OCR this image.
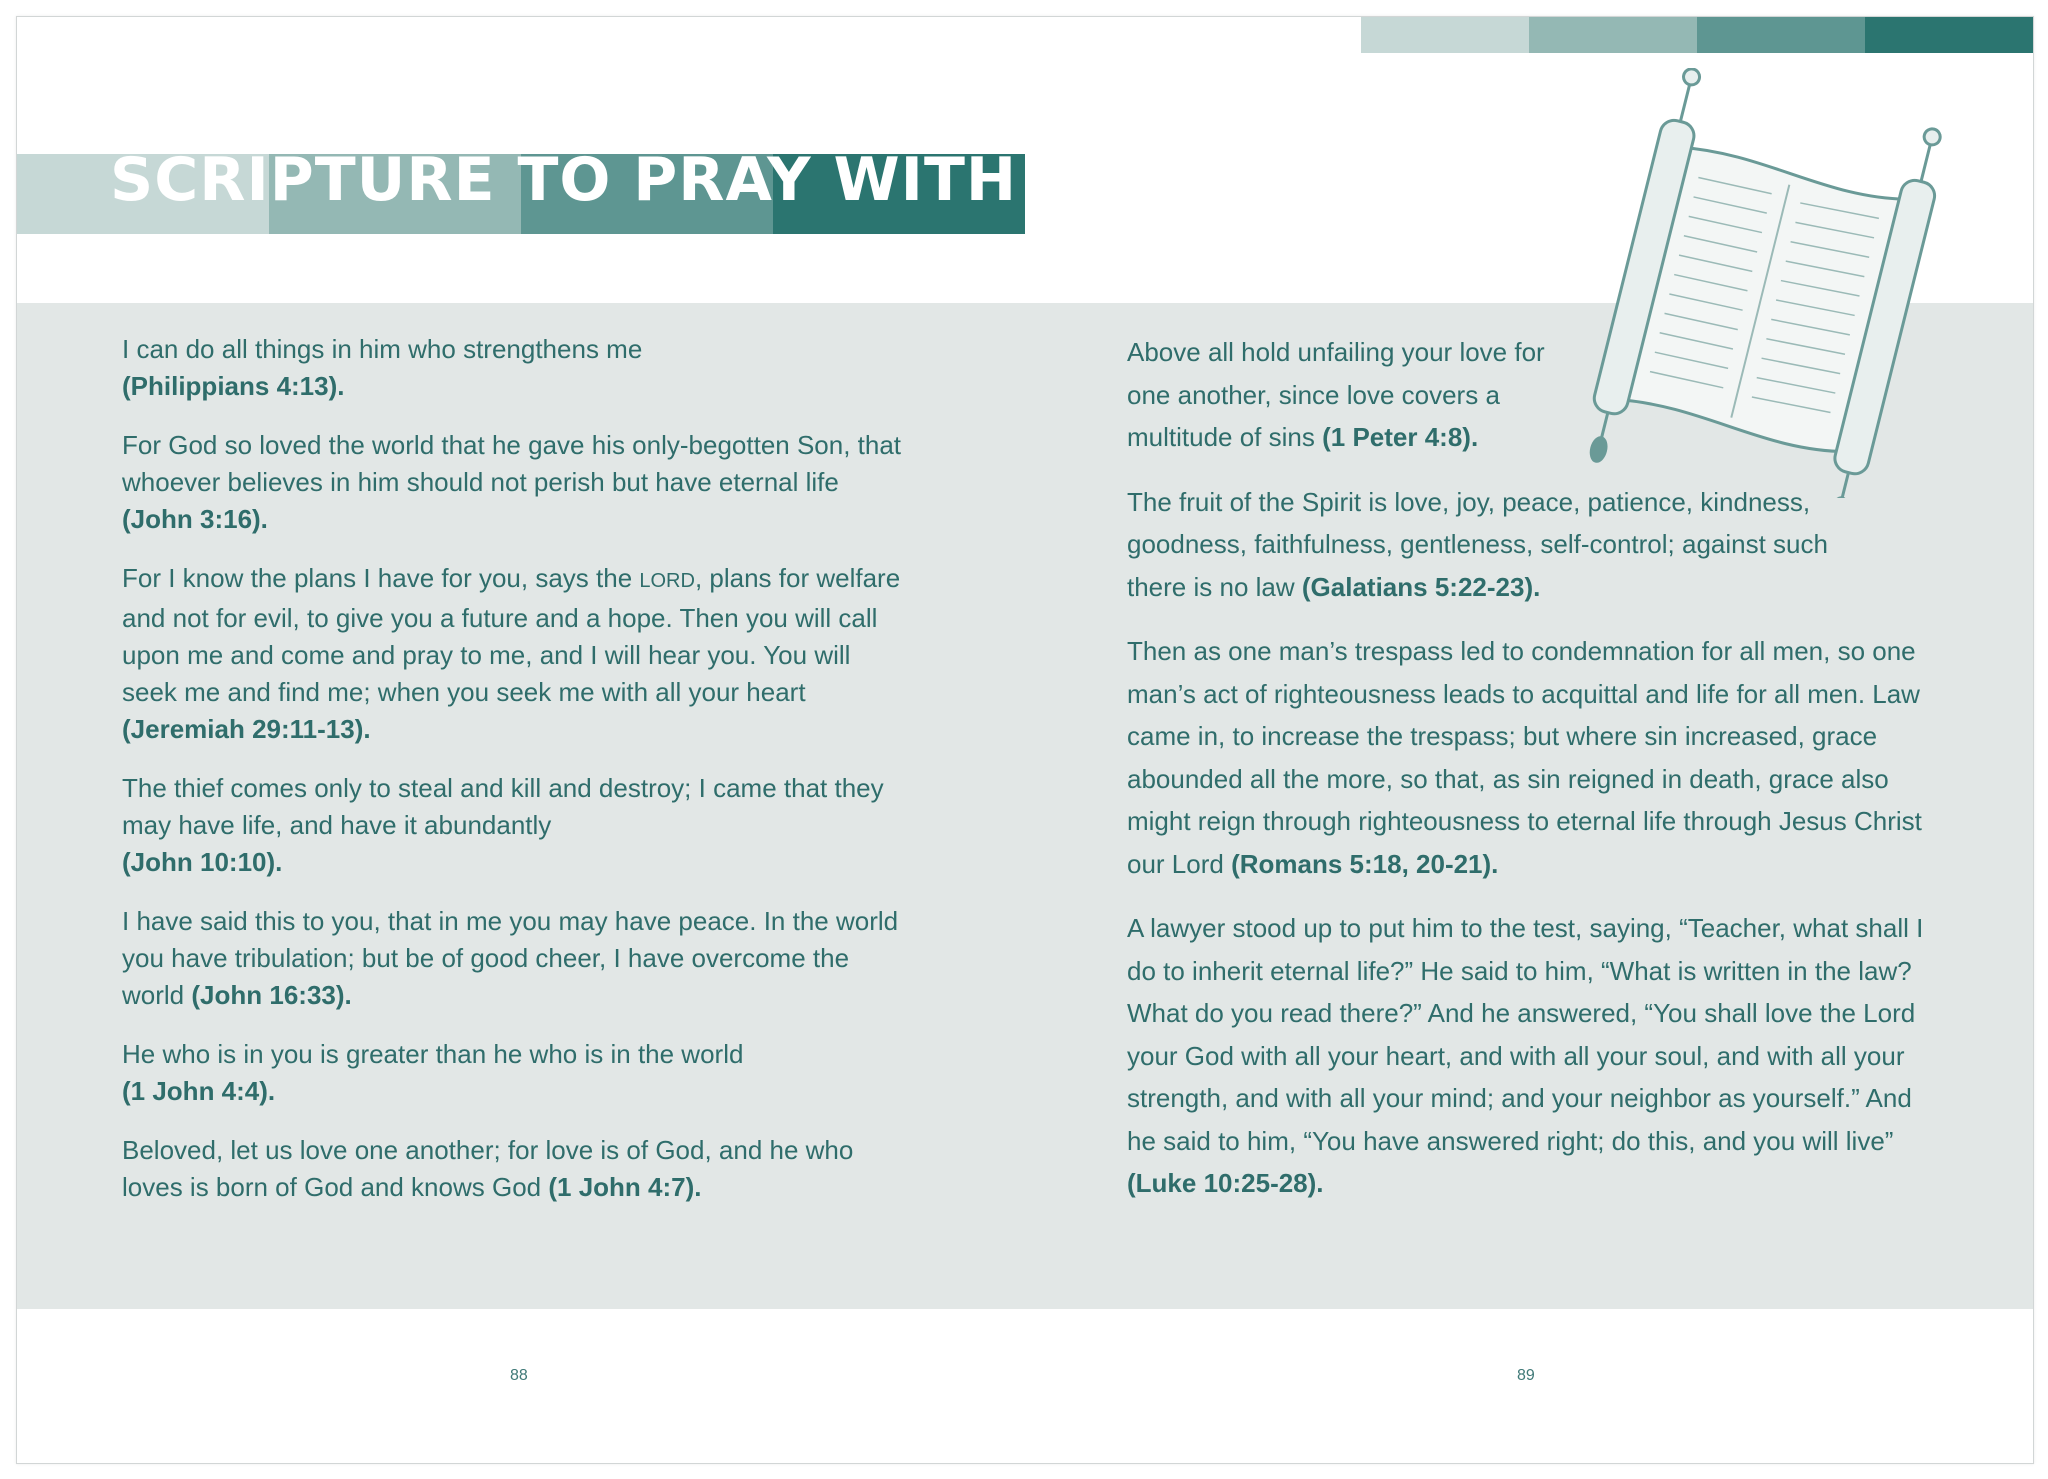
SCRIPTURE TO PRAY WITH

I can do all things in him who strengthens me
(Philippians 4:13).

For God so loved the world that he gave his only-begotten Son, that whoever believes in him should not perish but have eternal life (John 3:16).

For I know the plans I have for you, says the LORD, plans for welfare and not for evil, to give you a future and a hope. Then you will call upon me and come and pray to me, and I will hear you. You will seek me and find me; when you seek me with all your heart (Jeremiah 29:11-13).

The thief comes only to steal and kill and destroy; I came that they may have life, and have it abundantly
(John 10:10).

I have said this to you, that in me you may have peace. In the world you have tribulation; but be of good cheer, I have overcome the world (John 16:33).

He who is in you is greater than he who is in the world
(1 John 4:4).

Beloved, let us love one another; for love is of God, and he who loves is born of God and knows God (1 John 4:7).

Above all hold unfailing your love for one another, since love covers a multitude of sins (1 Peter 4:8).

The fruit of the Spirit is love, joy, peace, patience, kindness, goodness, faithfulness, gentleness, self-control; against such there is no law (Galatians 5:22-23).

Then as one man’s trespass led to condemnation for all men, so one man’s act of righteousness leads to acquittal and life for all men. Law came in, to increase the trespass; but where sin increased, grace abounded all the more, so that, as sin reigned in death, grace also might reign through righteousness to eternal life through Jesus Christ our Lord (Romans 5:18, 20-21).

A lawyer stood up to put him to the test, saying, “Teacher, what shall I do to inherit eternal life?” He said to him, “What is written in the law? What do you read there?” And he answered, “You shall love the Lord your God with all your heart, and with all your soul, and with all your strength, and with all your mind; and your neighbor as yourself.” And he said to him, “You have answered right; do this, and you will live” (Luke 10:25-28).

88	89
